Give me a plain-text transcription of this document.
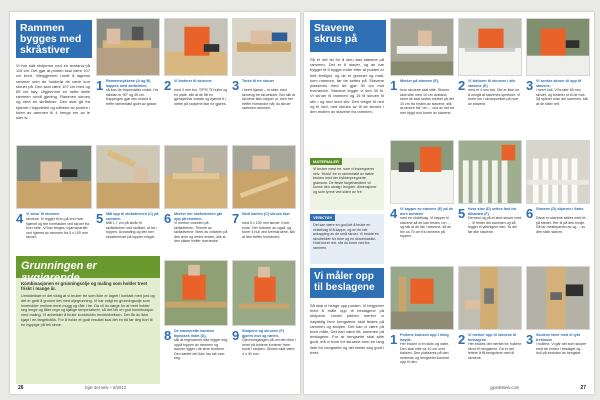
Rammen bygges med skråstiver
Vi har satt stolperne ned en avstand på 115 cm. Det gjør at posten skal være 107 cm bred. Vileggjenner rundt å lagrens rammer som de holderlø de være kun skruer på. Den skal være 107 cm bred og 85 cm høy. Utgjennom en nette dette rammen rundt gjerting. Rammen skrues og med en skråstiver. Den skal gå fra hjørnet i toppdelen og nåbeen av posten i foten av rammen til 4 hengs em av le siler tv.
1 Rammestykkene (A og B) kappes med skråvinkel,
så kan de trapezoides vinkel. Ha stkelan er 90° og 45 cm. Kappingen gjør den enkelt å treffe rammeløkt gulet av gosse.
2 Vi limforer til skruene
med 3 mm bor. TIPS! Til hullet og en plate, slik at de får en gjenkjenbar bokste og hjørnet ti i nettet på stolpene klar for gjøres.
3 Torke til tre skruer
i hvert hjørne – to sider med skrueog tre skruesider. Bor slik at skruene ikke slipper ut, men her treffer hverandre når du skruer sammen rammen.
4 Vi skrur til rammen
skruene. Vi legger til en på enn hver hjørnet og fire tverrtakker ved skruer fra hver side. 'Vi bør fanges i hjørnepartiet ved hjørnet av rammen fra 5 x 100 mm skruer.
5 Mål opp til skråstiveren (C) på rammen.
Mål 1,7 cm på skrån til skråstiveren ved skrådel, at fra i toppen. Avvanding og tær mer eksisterende på toppen meget.
6 Merker der skråstiveren går opp på rammen.
Vi merker vinkelen på skråstiveren. Tilmerk av skråstiverne. Merk av vinkelen på den øvre og nedre enden, slik at den sikker treffer hverandre.
7 Skrå kanten (C) skrues fast
med 5 x 100 mm skruer i hver ende. Her forborer du også, og borer 4 hull ved tverrskruene, slik at den treffer hverandre.
Grunningen er avgjørende
Kombinasjonen er grunningsolje og maling som holder treet friskt i mange år.
Umiddelbart er det viktig at vi bruker tre som ikke er lagret i kontakt med jord og det er godt å grunne det med oljegrunning. Vi har valgt en grunningsolje som inneholder mellom mest mugg og råte i tre. Da vil du sørge for at treet holder seg lenge og tåler regn og kjølige temperaturer, så det blir en god kombinasjon med maling. Vi anbefaler å bruke konstruktiv tredekkbeitsen. Det får du ikke kjøpt i en fargebutikk. For å holde et godt resultat skal det en tid før deg bort til en hyppige på feil sinne.
8 De wannerette kantene tilpasses listet (D),
slik at regnvannet ikke legger seg oppå toppen av rammen og danner ligger i de øvre bordene. Den kantet det ikke har tak over seg.
9 Stolpene og skruene (F) gjøres mot og rørlen.
Gjennomgangen på om den ikke i revet på boltene kommer fram rundt i stolpen. Skruen skal være 4 x 40 mm.
26	Gjør det selv – 8/2013
Stavene skrus på
Så er det tid for å skru fast stavene på rammen. Det er 6 staver, og de har bygger til 5 bygge-roder etter at posten er helt ferdiget, og de er grunnet og malt, som rammen, før de settes på. Stavene plasseres med de gjør 30 cm mot hverandre. Stavene legger vi den 30 til. Vi skruer til rammen og 15 til skruen til stiv i og ned med stiv. Den tveget til ned og til ned, ned skrues av til de skrues i den midten av stavene fra rammen.
1 Merker på stavene (E),
hvor skruene skal sitte. Skruen skal sitte med 10 cm avstand, samt de skal settes merket på det 10 cm fra enden av stavene, slik at skruen blir i en ... ved av det tot mer bygd mot boren av stavene.
2 Vi forborer til skruene i alle stavene (E)
med et 4 mm bor. Det er ikke lur å unngå at stavenes sprekker. Vi borer inn i skruepunktet på hver av stavene.
3 Vi senker skruer til opp til stavene,
i hvert hull. Vi bruker 60 mm skruer, og fordeler ut til de mot. Så spikrer man det sammen, slik at de sitter rett.
MATERIALER
Vi bruker mest tre, som vi impregnerer selv. 'Husk!' tre er rammeløkt av høble bruken med der trykkimpregnerte gransom. De fleste fargehandlere vil kunne den utvalg i lengder, dimensjoner og som tynne ved siden av 'tre'.
VERKTØY
Det kan være en god idé å bruke en vinkelsag til å kappe, og en fin rett avkapping av de små skruer. Vi brukte en skrutrekker for bore og en skruemaskin. Hold boret rett, når du borer ned fra rammen.
4 Vi kapper av stavene (E) på de øvre bordene
med en vinkelsag. Vi kapper til stavene så de kan festes i en ... og slik at de tak i stavene, så de blir ca 70 cm fra rammen på toppen.
5 Hvor stav (D) settes fast fra tilkanten (F).
Dernest og på et sted skruer med ... Vi fester del sammen og så legger til ytterligere den. Ta del før alle stavene.
6 Stavene (D) skjæres i flater.
Disse er stavene settes med et... på stedet. Her til på den tredje. Så tar mesteparten av og ... av den siste staven.
Vi måler opp til beslagene
Så skal vi henge opp posten. Vi begynner med å måle opp til beslagene på stolpene. Under jobben merker vi nøyaktig hvor hengslene skal festes på rammen og stolpen. Det kan vi være på bred måte. Det kan være litt, sammen på beslagene. For at hengselet skal sitte godt, må vi bore for skruene som en lang liste for hengselet og det fester seg godt i treet.
1 Portens kransen opp i riktig høyde.
Her bruker vi en klots og vater. Den skal sitte ca 10 cm over bakken. Den plasseres på den nederste og hengselet kommer opp til den.
2 Vi merker opp til skruene til beslagene.
Her brukes det merket for hullene skrur til hengslene. Da er det lettere å få hengslene med til skruene.
3 Skulene fører med et tykt treklosse
i hullene. Vi går det som stolper med de enden i beslaget og ... hull på innsiden av hengslet.
gjordetselv.com	27
